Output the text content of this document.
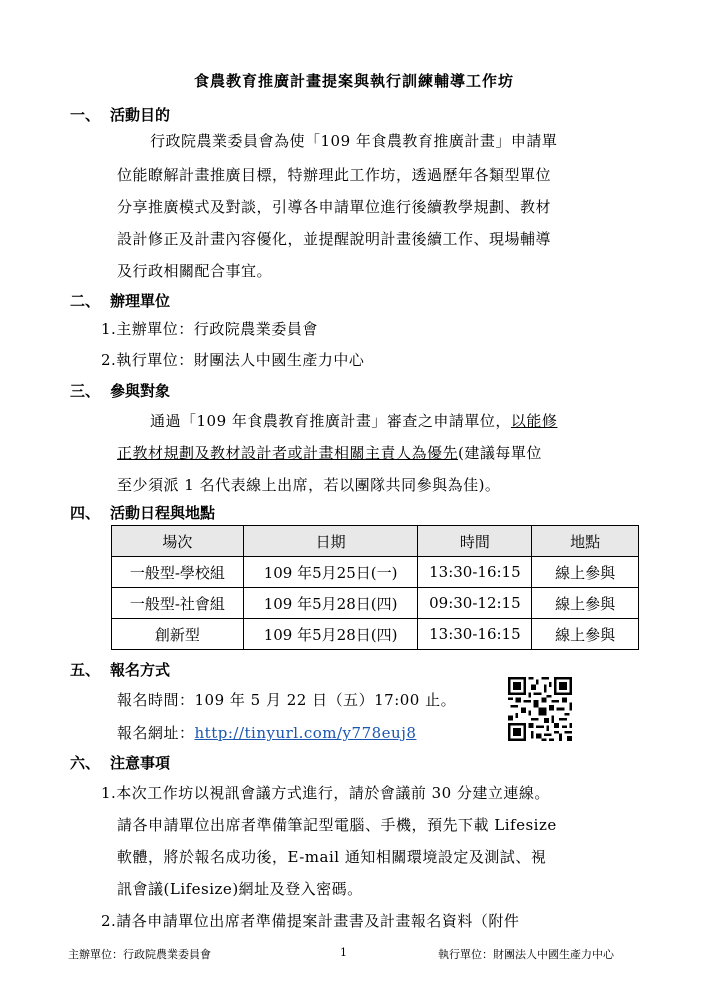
食農教育推廣計畫提案與執行訓練輔導工作坊
一、 活動目的
行政院農業委員會為使「109 年食農教育推廣計畫」申請單
位能瞭解計畫推廣目標，特辦理此工作坊，透過歷年各類型單位
分享推廣模式及對談，引導各申請單位進行後續教學規劃、教材
設計修正及計畫內容優化，並提醒說明計畫後續工作、現場輔導
及行政相關配合事宜。
二、 辦理單位
1.主辦單位：行政院農業委員會
2.執行單位：財團法人中國生產力中心
三、 參與對象
通過「109 年食農教育推廣計畫」審查之申請單位，以能修
正教材規劃及教材設計者或計畫相關主責人為優先(建議每單位
至少須派 1 名代表線上出席，若以團隊共同參與為佳)。
四、 活動日程與地點
場次	日期	時間	地點
一般型-學校組	109 年5月25日(一)	13:30-16:15	線上參與
一般型-社會組	109 年5月28日(四)	09:30-12:15	線上參與
創新型	109 年5月28日(四)	13:30-16:15	線上參與
五、 報名方式
報名時間：109 年 5 月 22 日（五）17:00 止。
報名網址：http://tinyurl.com/y778euj8
六、 注意事項
1.本次工作坊以視訊會議方式進行，請於會議前 30 分建立連線。
請各申請單位出席者準備筆記型電腦、手機，預先下載 Lifesize
軟體，將於報名成功後，E-mail 通知相關環境設定及測試、視
訊會議(Lifesize)網址及登入密碼。
2.請各申請單位出席者準備提案計畫書及計畫報名資料（附件
主辦單位：行政院農業委員會	1	執行單位：財團法人中國生產力中心
